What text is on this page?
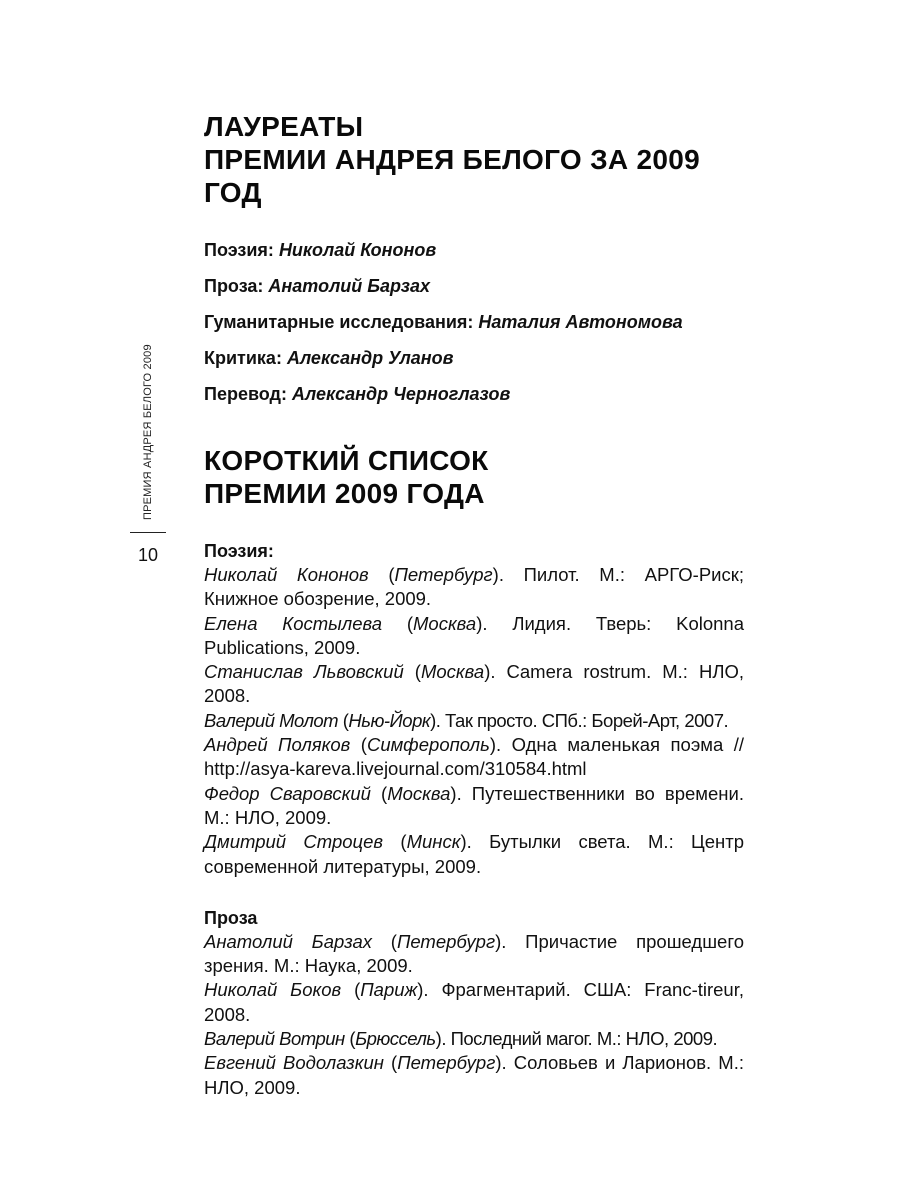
ПРЕМИЯ АНДРЕЯ БЕЛОГО 2009
10
ЛАУРЕАТЫ
ПРЕМИИ АНДРЕЯ БЕЛОГО ЗА 2009 ГОД
Поэзия: Николай Кононов
Проза: Анатолий Барзах
Гуманитарные исследования: Наталия Автономова
Критика: Александр Уланов
Перевод: Александр Черноглазов
КОРОТКИЙ СПИСОК
ПРЕМИИ 2009 ГОДА
Поэзия:
Николай Кононов (Петербург). Пилот. М.: АРГО-Риск; Книжное обозрение, 2009.
Елена Костылева (Москва). Лидия. Тверь: Kolonna Publications, 2009.
Станислав Львовский (Москва). Camera rostrum. М.: НЛО, 2008.
Валерий Молот (Нью-Йорк). Так просто. СПб.: Борей-Арт, 2007.
Андрей Поляков (Симферополь). Одна маленькая поэма // http://asya-kareva.livejournal.com/310584.html
Федор Сваровский (Москва). Путешественники во времени. М.: НЛО, 2009.
Дмитрий Строцев (Минск). Бутылки света. М.: Центр современной литературы, 2009.
Проза
Анатолий Барзах (Петербург). Причастие прошедшего зрения. М.: Наука, 2009.
Николай Боков (Париж). Фрагментарий. США: Franc-tireur, 2008.
Валерий Вотрин (Брюссель). Последний магог. М.: НЛО, 2009.
Евгений Водолазкин (Петербург). Соловьев и Ларионов. М.: НЛО, 2009.
